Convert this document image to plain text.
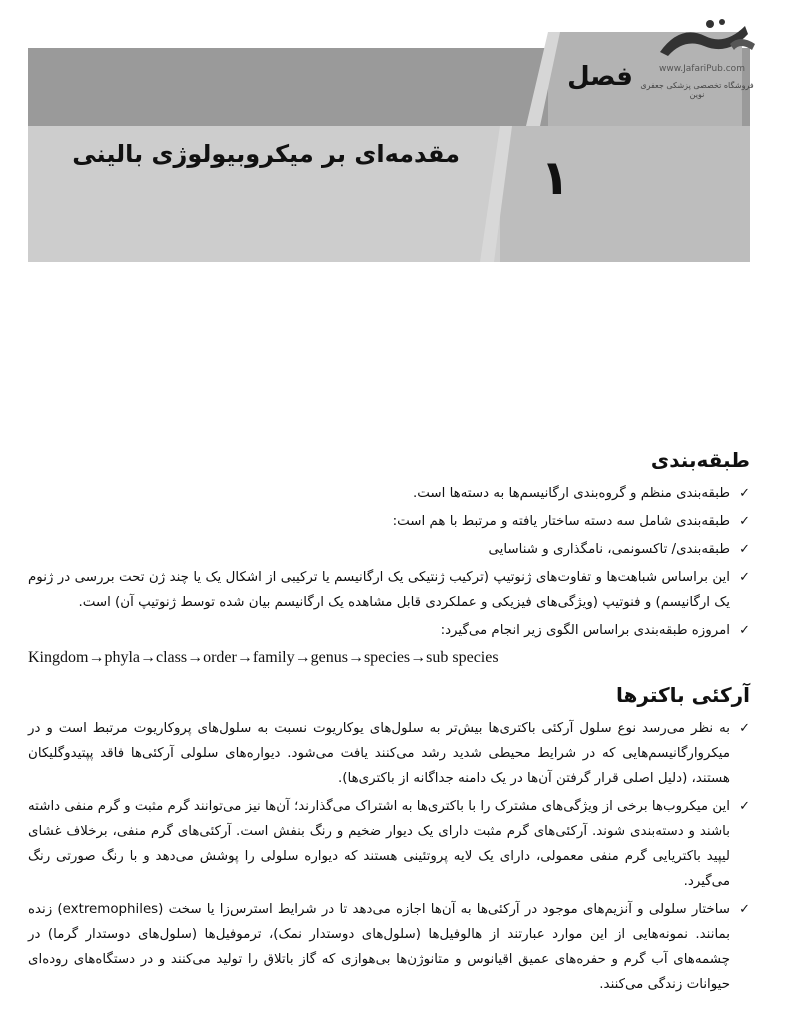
www.JafariPub.com
فروشگاه تخصصی پزشکی جعفری نوین
فصل
۱
مقدمه‌ای بر میکروبیولوژی بالینی
طبقه‌بندی
✓
طبقه‌بندی منظم و گروه‌بندی ارگانیسم‌ها به دسته‌ها است.
✓
طبقه‌بندی شامل سه دسته ساختار یافته و مرتبط با هم است:
✓
طبقه‌بندی/ تاکسونمی، نامگذاری و شناسایی
✓
این براساس شباهت‌ها و تفاوت‌های ژنوتیپ (ترکیب ژنتیکی یک ارگانیسم یا ترکیبی از اشکال یک یا چند ژن تحت بررسی در ژنوم یک ارگانیسم) و فنوتیپ (ویژگی‌های فیزیکی و عملکردی قابل مشاهده یک ارگانیسم بیان شده توسط ژنوتیپ آن) است.
✓
امروزه طبقه‌بندی براساس الگوی زیر انجام می‌گیرد:
Kingdom→phyla→class→order→family→genus→species→sub species
آرکئی باکترها
✓
به نظر می‌رسد نوع سلول آرکئی باکتری‌ها بیش‌تر به سلول‌های یوکاریوت نسبت به سلول‌های پروکاریوت مرتبط است و در میکروارگانیسم‌هایی که در شرایط محیطی شدید رشد می‌کنند یافت می‌شود. دیواره‌های سلولی آرکئی‌ها فاقد پپتیدوگلیکان هستند، (دلیل اصلی قرار گرفتن آن‌ها در یک دامنه جداگانه از باکتری‌ها).
✓
این میکروب‌ها برخی از ویژگی‌های مشترک را با باکتری‌ها به اشتراک می‌گذارند؛ آن‌ها نیز می‌توانند گرم مثبت و گرم منفی داشته باشند و دسته‌بندی شوند. آرکئی‌های گرم مثبت دارای یک دیوار ضخیم و رنگ بنفش است. آرکئی‌های گرم منفی، برخلاف غشای لیپید باکتریایی گرم منفی معمولی، دارای یک لایه پروتئینی هستند که دیواره سلولی را پوشش می‌دهد و با رنگ صورتی رنگ می‌گیرد.
✓
ساختار سلولی و آنزیم‌های موجود در آرکئی‌ها به آن‌ها اجازه می‌دهد تا در شرایط استرس‌زا یا سخت (extremophiles) زنده بمانند. نمونه‌هایی از این موارد عبارتند از هالوفیل‌ها (سلول‌های دوستدار نمک)، ترموفیل‌ها (سلول‌های دوستدار گرما) در چشمه‌های آب گرم و حفره‌های عمیق اقیانوس و متانوژن‌ها بی‌هوازی که گاز باتلاق را تولید می‌کنند و در دستگاه‌های روده‌ای حیوانات زندگی می‌کنند.
